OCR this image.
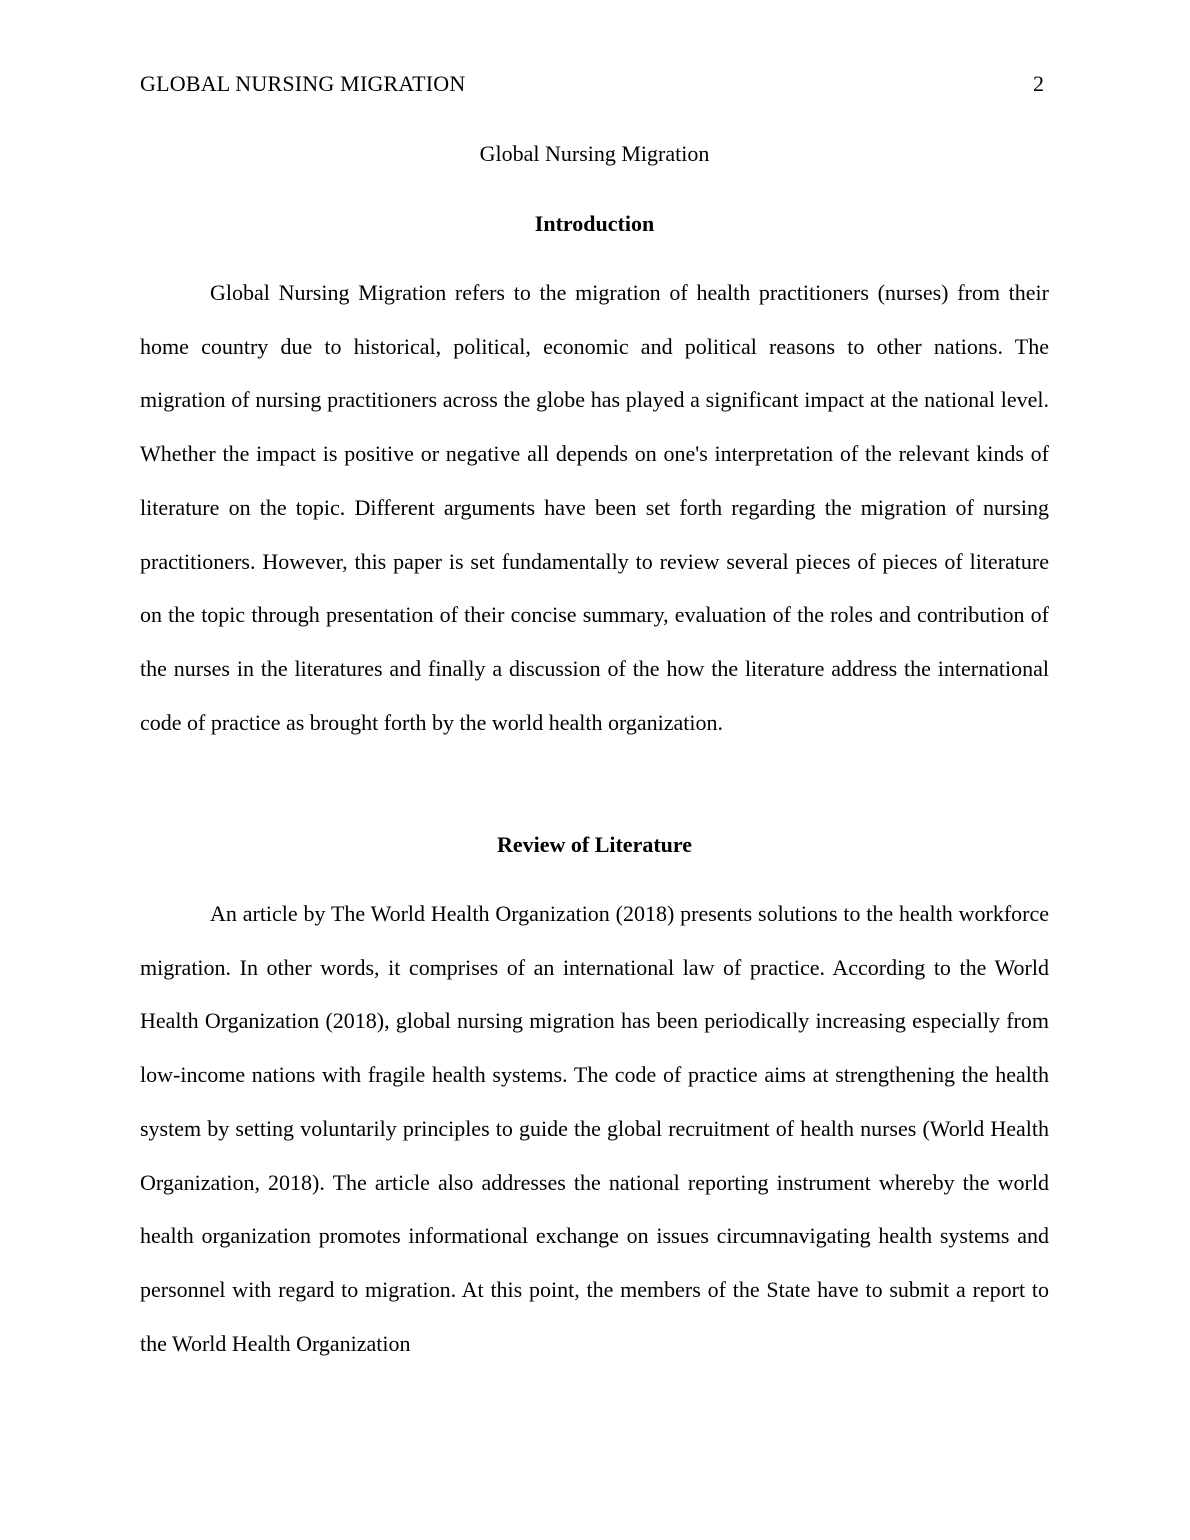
GLOBAL NURSING MIGRATION	2
Global Nursing Migration
Introduction

Global Nursing Migration refers to the migration of health practitioners (nurses) from their home country due to historical, political, economic and political reasons to other nations. The migration of nursing practitioners across the globe has played a significant impact at the national level. Whether the impact is positive or negative all depends on one's interpretation of the relevant kinds of literature on the topic. Different arguments have been set forth regarding the migration of nursing practitioners. However, this paper is set fundamentally to review several pieces of pieces of literature on the topic through presentation of their concise summary, evaluation of the roles and contribution of the nurses in the literatures and finally a discussion of the how the literature address the international code of practice as brought forth by the world health organization.

Review of Literature

An article by The World Health Organization (2018) presents solutions to the health workforce migration. In other words, it comprises of an international law of practice. According to the World Health Organization (2018), global nursing migration has been periodically increasing especially from low-income nations with fragile health systems. The code of practice aims at strengthening the health system by setting voluntarily principles to guide the global recruitment of health nurses (World Health Organization, 2018). The article also addresses the national reporting instrument whereby the world health organization promotes informational exchange on issues circumnavigating health systems and personnel with regard to migration. At this point, the members of the State have to submit a report to the World Health Organization
